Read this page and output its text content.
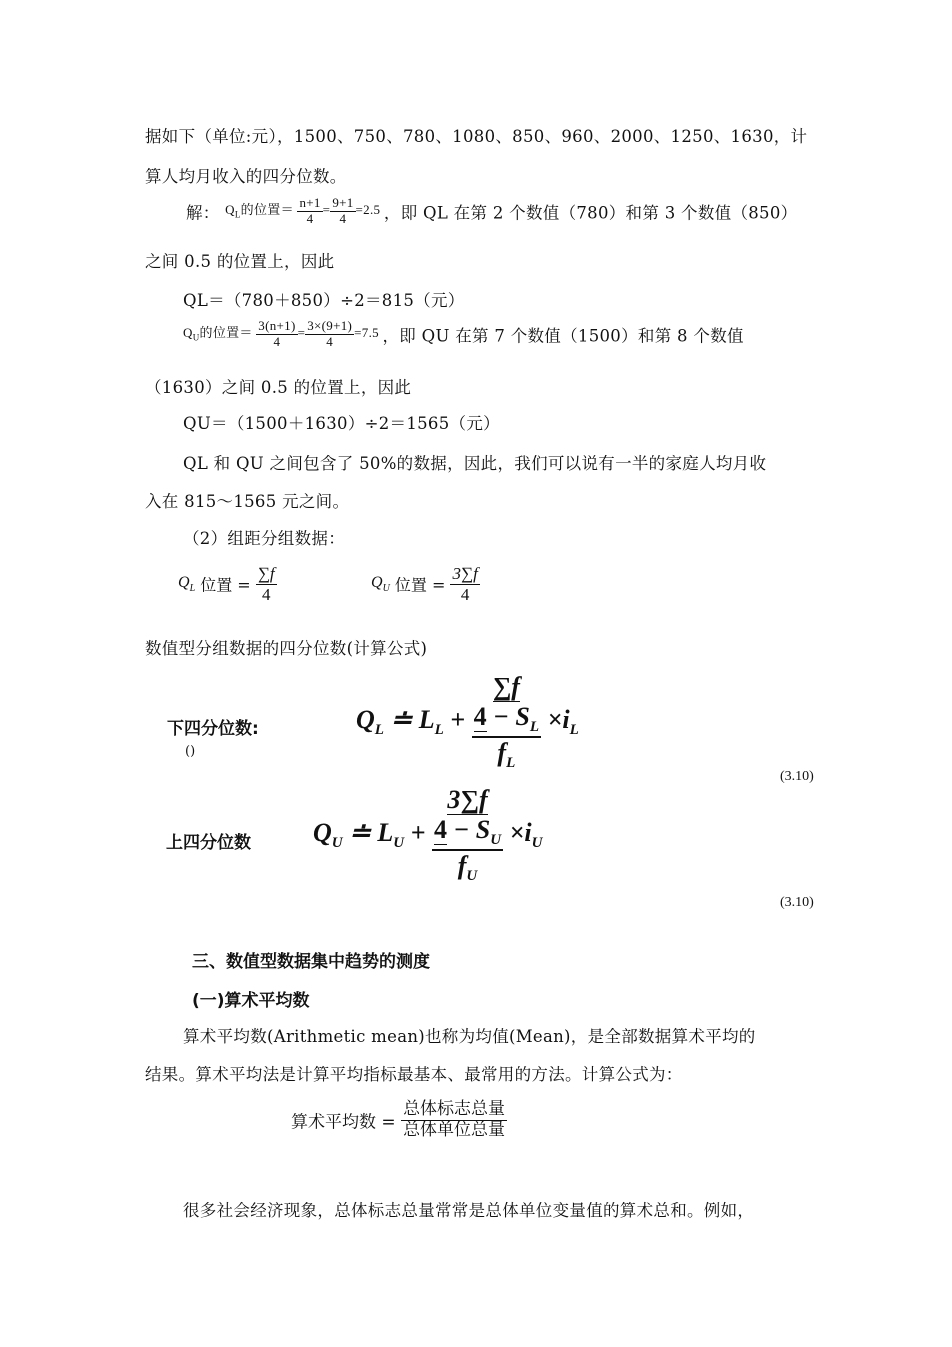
据如下（单位:元），1500、750、780、1080、850、960、2000、1250、1630，计
算人均月收入的四分位数。
解： $Q_L$的位置＝ $\frac{n+1}{4} = \frac{9+1}{4} =2.5$ ，即 QL 在第 2 个数值（780）和第 3 个数值（850）
之间 0.5 的位置上，因此
QL＝（780＋850）÷2＝815（元）
$Q_U$的位置＝ $\frac{3(n+1)}{4} = \frac{3\times(9+1)}{4} =7.5$ ，即 QU 在第 7 个数值（1500）和第 8 个数值
（1630）之间 0.5 的位置上，因此
QU＝（1500＋1630）÷2＝1565（元）
QL 和 QU 之间包含了 50%的数据，因此，我们可以说有一半的家庭人均月收
入在 815～1565 元之间。
（2）组距分组数据：
$Q_L$ 位置 = $\frac{\sum f}{4}$	$Q_U$ 位置 = $\frac{3\sum f}{4}$
数值型分组数据的四分位数(计算公式)
下四分位数:
()
$Q_L$ ≐ $L_L$ +
∑f
$4 - S_L$
$f_L$
$\times i_L$
(3.10)
上四分位数 $Q_U$ ≐ $L_U$ +
3∑f
$4 - S_U$
$f_U$
$\times i_U$
(3.10)
三、数值型数据集中趋势的测度
(一)算术平均数
算术平均数(Arithmetic mean)也称为均值(Mean)，是全部数据算术平均的
结果。算术平均法是计算平均指标最基本、最常用的方法。计算公式为：
算术平均数 = $\frac{\text{总体标志总量}}{\text{总体单位总量}}$
很多社会经济现象，总体标志总量常常是总体单位变量值的算术总和。例如，
